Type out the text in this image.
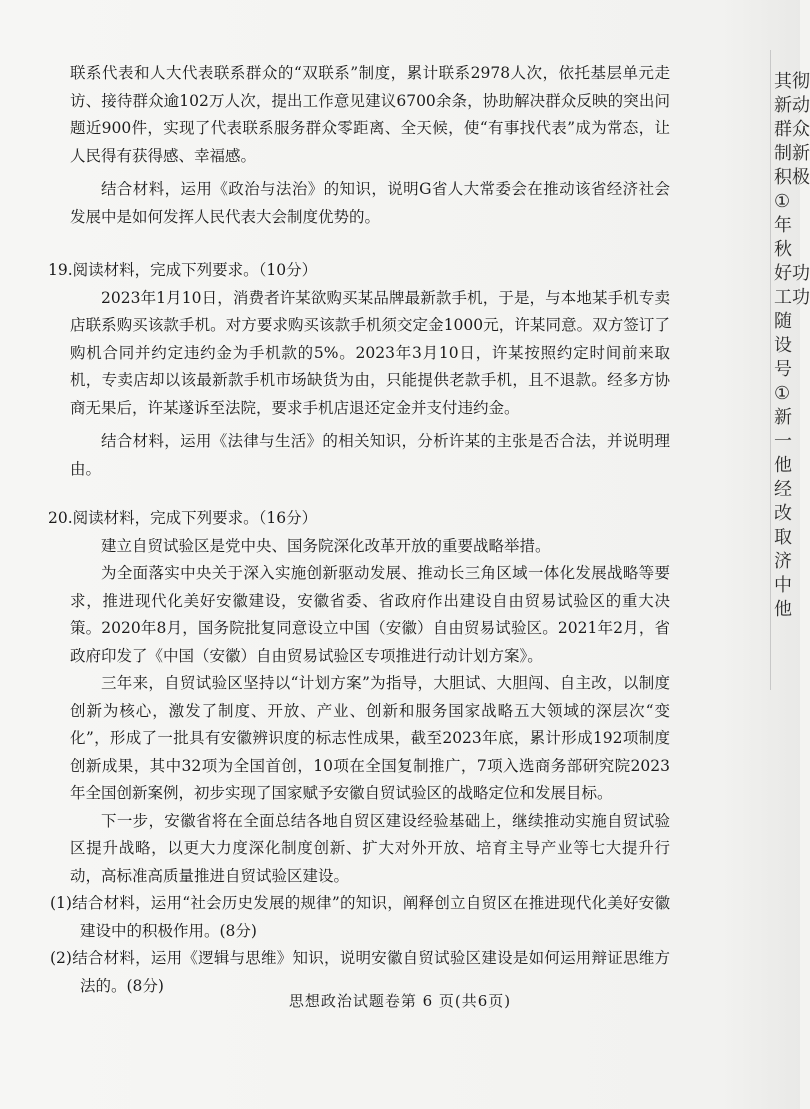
其彻
新动
群众
制新
积极
①
年
秋
好功
工功
随
设
号
①
新
一
他
经
改
取
济
中
他

联系代表和人大代表联系群众的“双联系”制度，累计联系2978人次，依托基层单元走访、接待群众逾102万人次，提出工作意见建议6700余条，协助解决群众反映的突出问题近900件，实现了代表联系服务群众零距离、全天候，使“有事找代表”成为常态，让人民得有获得感、幸福感。

结合材料，运用《政治与法治》的知识，说明G省人大常委会在推动该省经济社会发展中是如何发挥人民代表大会制度优势的。

19.阅读材料，完成下列要求。（10分）

2023年1月10日，消费者许某欲购买某品牌最新款手机，于是，与本地某手机专卖店联系购买该款手机。对方要求购买该款手机须交定金1000元，许某同意。双方签订了购机合同并约定违约金为手机款的5%。2023年3月10日，许某按照约定时间前来取机，专卖店却以该最新款手机市场缺货为由，只能提供老款手机，且不退款。经多方协商无果后，许某遂诉至法院，要求手机店退还定金并支付违约金。

结合材料，运用《法律与生活》的相关知识，分析许某的主张是否合法，并说明理由。

20.阅读材料，完成下列要求。（16分）

建立自贸试验区是党中央、国务院深化改革开放的重要战略举措。

为全面落实中央关于深入实施创新驱动发展、推动长三角区域一体化发展战略等要求，推进现代化美好安徽建设，安徽省委、省政府作出建设自由贸易试验区的重大决策。2020年8月，国务院批复同意设立中国（安徽）自由贸易试验区。2021年2月，省政府印发了《中国（安徽）自由贸易试验区专项推进行动计划方案》。

三年来，自贸试验区坚持以“计划方案”为指导，大胆试、大胆闯、自主改，以制度创新为核心，激发了制度、开放、产业、创新和服务国家战略五大领域的深层次“变化”，形成了一批具有安徽辨识度的标志性成果，截至2023年底，累计形成192项制度创新成果，其中32项为全国首创，10项在全国复制推广，7项入选商务部研究院2023年全国创新案例，初步实现了国家赋予安徽自贸试验区的战略定位和发展目标。

下一步，安徽省将在全面总结各地自贸区建设经验基础上，继续推动实施自贸试验区提升战略，以更大力度深化制度创新、扩大对外开放、培育主导产业等七大提升行动，高标准高质量推进自贸试验区建设。

(1)结合材料，运用“社会历史发展的规律”的知识，阐释创立自贸区在推进现代化美好安徽建设中的积极作用。(8分)

(2)结合材料，运用《逻辑与思维》知识，说明安徽自贸试验区建设是如何运用辩证思维方法的。(8分)

思想政治试题卷第 6 页(共6页)
